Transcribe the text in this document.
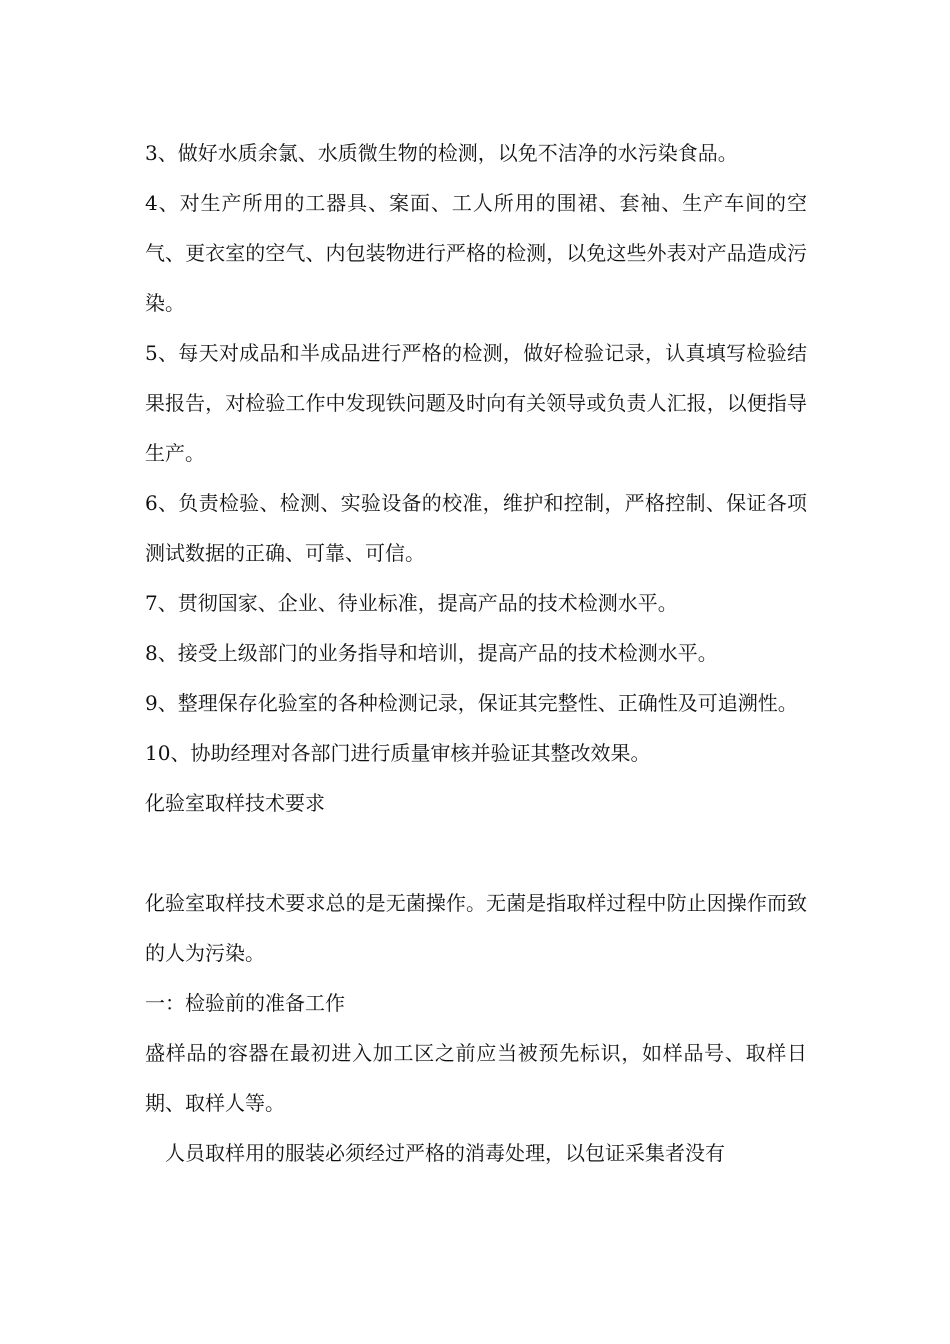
3、做好水质余氯、水质微生物的检测，以免不洁净的水污染食品。

4、对生产所用的工器具、案面、工人所用的围裙、套袖、生产车间的空气、更衣室的空气、内包装物进行严格的检测，以免这些外表对产品造成污染。

5、每天对成品和半成品进行严格的检测，做好检验记录，认真填写检验结果报告，对检验工作中发现铁问题及时向有关领导或负责人汇报，以便指导生产。

6、负责检验、检测、实验设备的校准，维护和控制，严格控制、保证各项测试数据的正确、可靠、可信。

7、贯彻国家、企业、待业标准，提高产品的技术检测水平。

8、接受上级部门的业务指导和培训，提高产品的技术检测水平。

9、整理保存化验室的各种检测记录，保证其完整性、正确性及可追溯性。

10、协助经理对各部门进行质量审核并验证其整改效果。

化验室取样技术要求

化验室取样技术要求总的是无菌操作。无菌是指取样过程中防止因操作而致的人为污染。

一：检验前的准备工作

盛样品的容器在最初进入加工区之前应当被预先标识，如样品号、取样日期、取样人等。

人员取样用的服装必须经过严格的消毒处理，以包证采集者没有
